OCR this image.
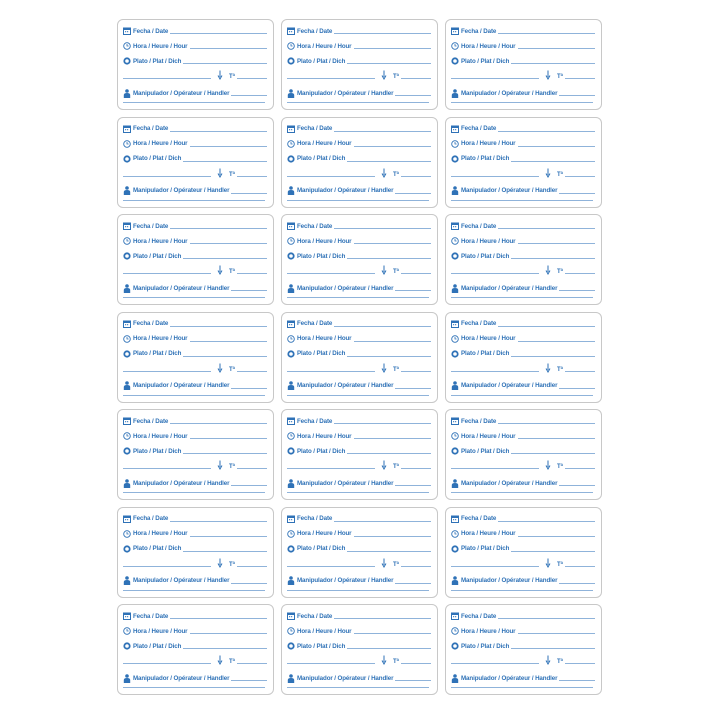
Fecha / Date
Hora / Heure / Hour
Plato / Plat / Dich
Tª
Manipulador / Opérateur / Handler
Fecha / Date
Hora / Heure / Hour
Plato / Plat / Dich
Tª
Manipulador / Opérateur / Handler
Fecha / Date
Hora / Heure / Hour
Plato / Plat / Dich
Tª
Manipulador / Opérateur / Handler
Fecha / Date
Hora / Heure / Hour
Plato / Plat / Dich
Tª
Manipulador / Opérateur / Handler
Fecha / Date
Hora / Heure / Hour
Plato / Plat / Dich
Tª
Manipulador / Opérateur / Handler
Fecha / Date
Hora / Heure / Hour
Plato / Plat / Dich
Tª
Manipulador / Opérateur / Handler
Fecha / Date
Hora / Heure / Hour
Plato / Plat / Dich
Tª
Manipulador / Opérateur / Handler
Fecha / Date
Hora / Heure / Hour
Plato / Plat / Dich
Tª
Manipulador / Opérateur / Handler
Fecha / Date
Hora / Heure / Hour
Plato / Plat / Dich
Tª
Manipulador / Opérateur / Handler
Fecha / Date
Hora / Heure / Hour
Plato / Plat / Dich
Tª
Manipulador / Opérateur / Handler
Fecha / Date
Hora / Heure / Hour
Plato / Plat / Dich
Tª
Manipulador / Opérateur / Handler
Fecha / Date
Hora / Heure / Hour
Plato / Plat / Dich
Tª
Manipulador / Opérateur / Handler
Fecha / Date
Hora / Heure / Hour
Plato / Plat / Dich
Tª
Manipulador / Opérateur / Handler
Fecha / Date
Hora / Heure / Hour
Plato / Plat / Dich
Tª
Manipulador / Opérateur / Handler
Fecha / Date
Hora / Heure / Hour
Plato / Plat / Dich
Tª
Manipulador / Opérateur / Handler
Fecha / Date
Hora / Heure / Hour
Plato / Plat / Dich
Tª
Manipulador / Opérateur / Handler
Fecha / Date
Hora / Heure / Hour
Plato / Plat / Dich
Tª
Manipulador / Opérateur / Handler
Fecha / Date
Hora / Heure / Hour
Plato / Plat / Dich
Tª
Manipulador / Opérateur / Handler
Fecha / Date
Hora / Heure / Hour
Plato / Plat / Dich
Tª
Manipulador / Opérateur / Handler
Fecha / Date
Hora / Heure / Hour
Plato / Plat / Dich
Tª
Manipulador / Opérateur / Handler
Fecha / Date
Hora / Heure / Hour
Plato / Plat / Dich
Tª
Manipulador / Opérateur / Handler
